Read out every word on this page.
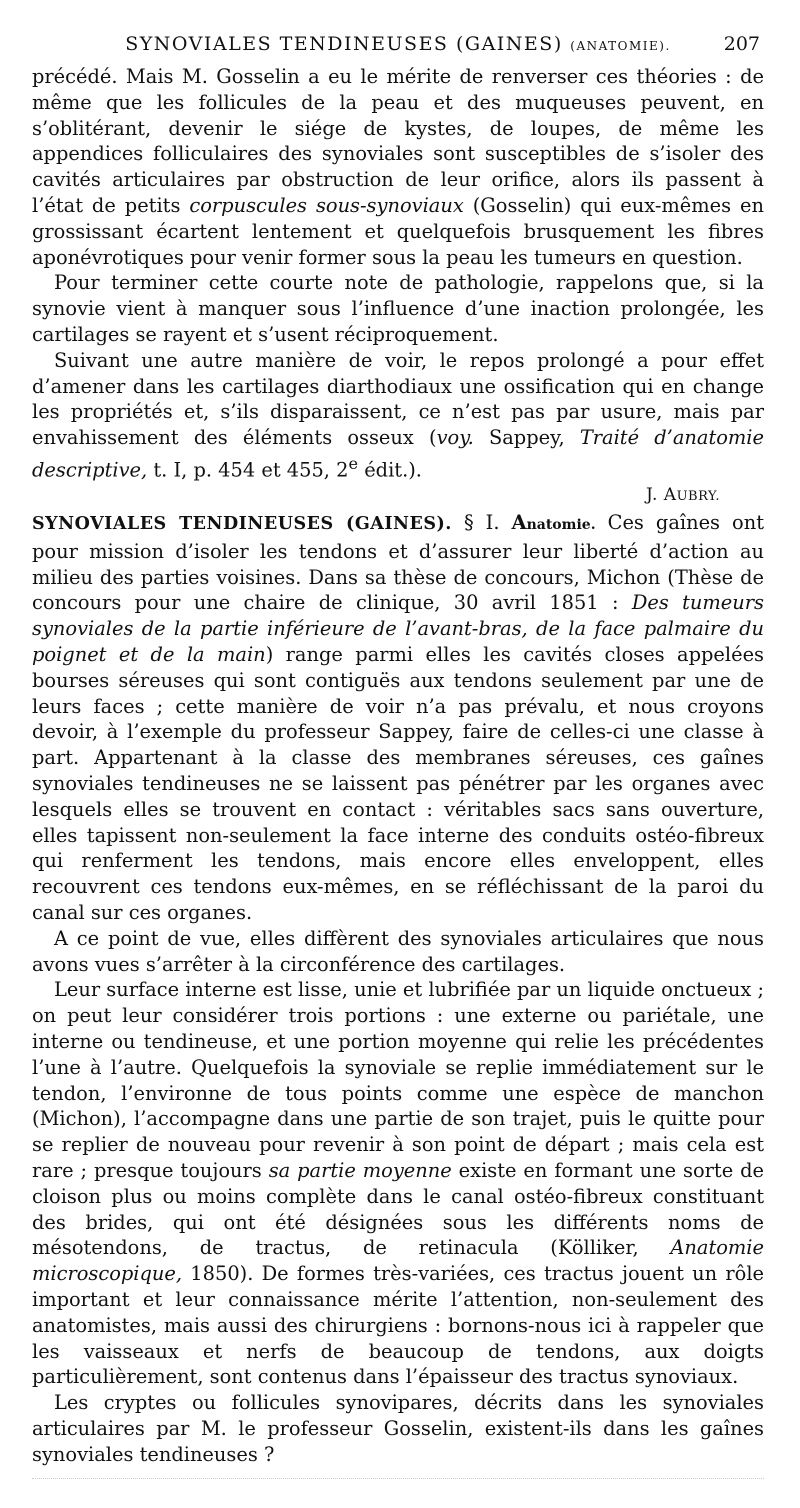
SYNOVIALES TENDINEUSES (GAINES) (ANATOMIE).	207

précédé. Mais M. Gosselin a eu le mérite de renverser ces théories : de même que les follicules de la peau et des muqueuses peuvent, en s’oblitérant, devenir le siége de kystes, de loupes, de même les appendices folliculaires des synoviales sont susceptibles de s’isoler des cavités articulaires par obstruction de leur orifice, alors ils passent à l’état de petits corpuscules sous-synoviaux (Gosselin) qui eux-mêmes en grossissant écartent lentement et quelquefois brusquement les fibres aponévrotiques pour venir former sous la peau les tumeurs en question.

Pour terminer cette courte note de pathologie, rappelons que, si la synovie vient à manquer sous l’influence d’une inaction prolongée, les cartilages se rayent et s’usent réciproquement.

Suivant une autre manière de voir, le repos prolongé a pour effet d’amener dans les cartilages diarthodiaux une ossification qui en change les propriétés et, s’ils disparaissent, ce n’est pas par usure, mais par envahissement des éléments osseux (voy. Sappey, Traité d’anatomie descriptive, t. I, p. 454 et 455, 2e édit.).

J. AUBRY.

SYNOVIALES TENDINEUSES (GAINES). § I. Anatomie. Ces gaînes ont pour mission d’isoler les tendons et d’assurer leur liberté d’action au milieu des parties voisines. Dans sa thèse de concours, Michon (Thèse de concours pour une chaire de clinique, 30 avril 1851 : Des tumeurs synoviales de la partie inférieure de l’avant-bras, de la face palmaire du poignet et de la main) range parmi elles les cavités closes appelées bourses séreuses qui sont contiguës aux tendons seulement par une de leurs faces ; cette manière de voir n’a pas prévalu, et nous croyons devoir, à l’exemple du professeur Sappey, faire de celles-ci une classe à part. Appartenant à la classe des membranes séreuses, ces gaînes synoviales tendineuses ne se laissent pas pénétrer par les organes avec lesquels elles se trouvent en contact : véritables sacs sans ouverture, elles tapissent non-seulement la face interne des conduits ostéo-fibreux qui renferment les tendons, mais encore elles enveloppent, elles recouvrent ces tendons eux-mêmes, en se réfléchissant de la paroi du canal sur ces organes.

A ce point de vue, elles diffèrent des synoviales articulaires que nous avons vues s’arrêter à la circonférence des cartilages.

Leur surface interne est lisse, unie et lubrifiée par un liquide onctueux ; on peut leur considérer trois portions : une externe ou pariétale, une interne ou tendineuse, et une portion moyenne qui relie les précédentes l’une à l’autre. Quelquefois la synoviale se replie immédiatement sur le tendon, l’environne de tous points comme une espèce de manchon (Michon), l’accompagne dans une partie de son trajet, puis le quitte pour se replier de nouveau pour revenir à son point de départ ; mais cela est rare ; presque toujours sa partie moyenne existe en formant une sorte de cloison plus ou moins complète dans le canal ostéo-fibreux constituant des brides, qui ont été désignées sous les différents noms de mésotendons, de tractus, de retinacula (Kölliker, Anatomie microscopique, 1850). De formes très-variées, ces tractus jouent un rôle important et leur connaissance mérite l’attention, non-seulement des anatomistes, mais aussi des chirurgiens : bornons-nous ici à rappeler que les vaisseaux et nerfs de beaucoup de tendons, aux doigts particulièrement, sont contenus dans l’épaisseur des tractus synoviaux.

Les cryptes ou follicules synovipares, décrits dans les synoviales articulaires par M. le professeur Gosselin, existent-ils dans les gaînes synoviales tendineuses ?
